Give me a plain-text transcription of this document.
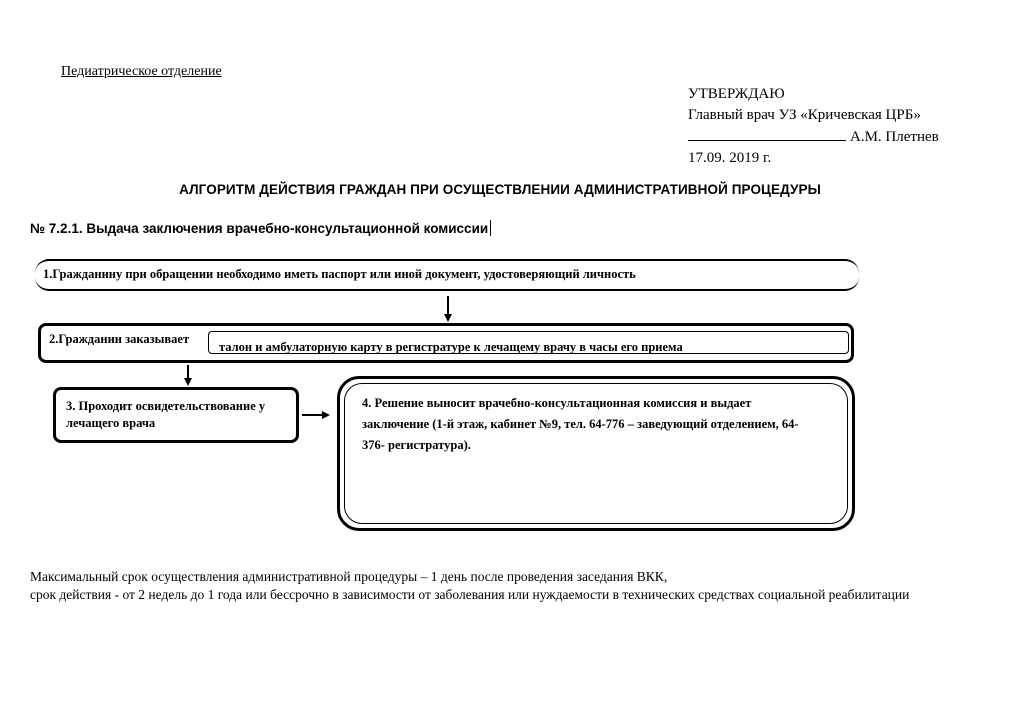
Педиатрическое отделение
УТВЕРЖДАЮ
Главный врач УЗ «Кричевская ЦРБ»
А.М. Плетнев
17.09. 2019 г.
АЛГОРИТМ ДЕЙСТВИЯ ГРАЖДАН ПРИ ОСУЩЕСТВЛЕНИИ АДМИНИСТРАТИВНОЙ ПРОЦЕДУРЫ
№ 7.2.1. Выдача заключения врачебно-консультационной комиссии
1.Гражданину при обращении необходимо иметь паспорт или иной документ, удостоверяющий личность
2.Гражданин заказывает
талон и амбулаторную карту в регистратуре к лечащему врачу в часы его приема
3. Проходит освидетельствование у лечащего врача
4. Решение выносит врачебно-консультационная комиссия и выдает заключение (1-й этаж, кабинет №9, тел. 64-776 – заведующий отделением, 64-376- регистратура).
Максимальный срок осуществления административной процедуры – 1 день после проведения заседания ВКК,
срок действия - от 2 недель до 1 года или бессрочно в зависимости от заболевания или нуждаемости в технических средствах социальной реабилитации
